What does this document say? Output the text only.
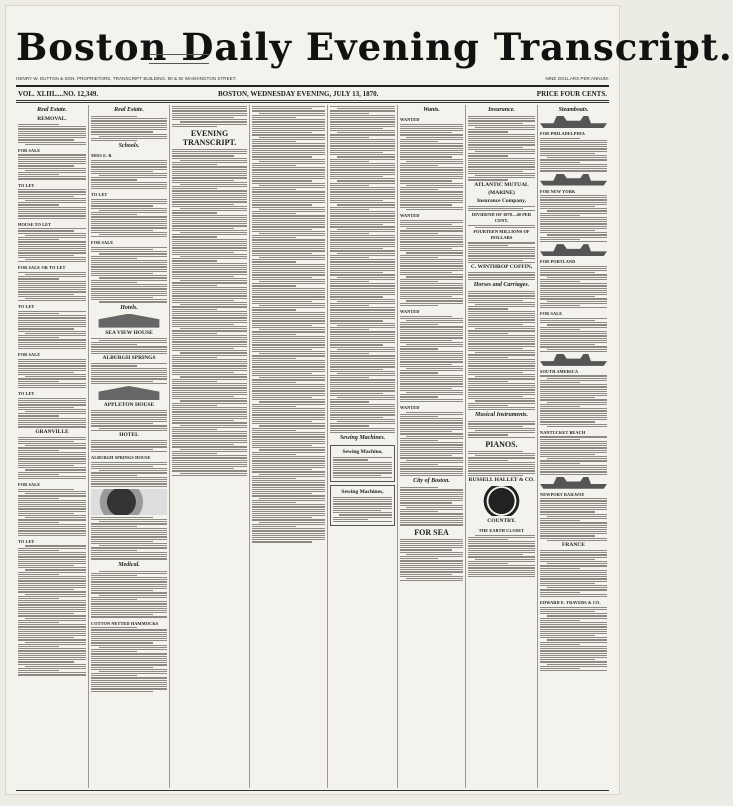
Boston Daily Evening Transcript.
HENRY W. DUTTON & SON, PROPRIETORS, TRANSCRIPT BUILDING, 90 & 92 WASHINGTON STREET.	NINE DOLLARS PER ANNUM.
VOL. XLIII.....NO. 12,349.	BOSTON, WEDNESDAY EVENING, JULY 13, 1870.	PRICE FOUR CENTS.
Real Estate.
REMOVAL.
FOR SALE
TO LET
HOUSE TO LET
FOR SALE OR TO LET
TO LET
FOR SALE
TO LET
GRANVILLE
FOR SALE
TO LET
Real Estate.
Schools.
MISS E. B.
TO LET
FOR SALE
Hotels.
SEA VIEW HOUSE
ALBURGH SPRINGS
APPLETON HOUSE
HOTEL
ALBURGH SPRINGS HOUSE
Medical.
COTTON NETTED HAMMOCKS
EVENING TRANSCRIPT.
Sewing Machines.
Sewing Machine,
Sewing Machines,
Wants.
WANTED
WANTED
WANTED
WANTED
City of Boston.
FOR SEA
Insurance.
ATLANTIC MUTUAL
(MARINE)
Insurance Company,
DIVIDEND OF 1870—40 PER CENT.
FOURTEEN MILLIONS OF DOLLARS
C. WINTHROP COFFIN,
Horses and Carriages.
Musical Instruments.
PIANOS.
RUSSELL HALLET & CO.
COUNTRY.
THE EARTH CLOSET
Steamboats.
FOR PHILADELPHIA
FOR NEW YORK
FOR PORTLAND
FOR SALE
SOUTH AMERICA
NANTUCKET BEACH
NEWPORT RAILWAY
FRANCE
EDWARD E. TRAVERS & CO.
